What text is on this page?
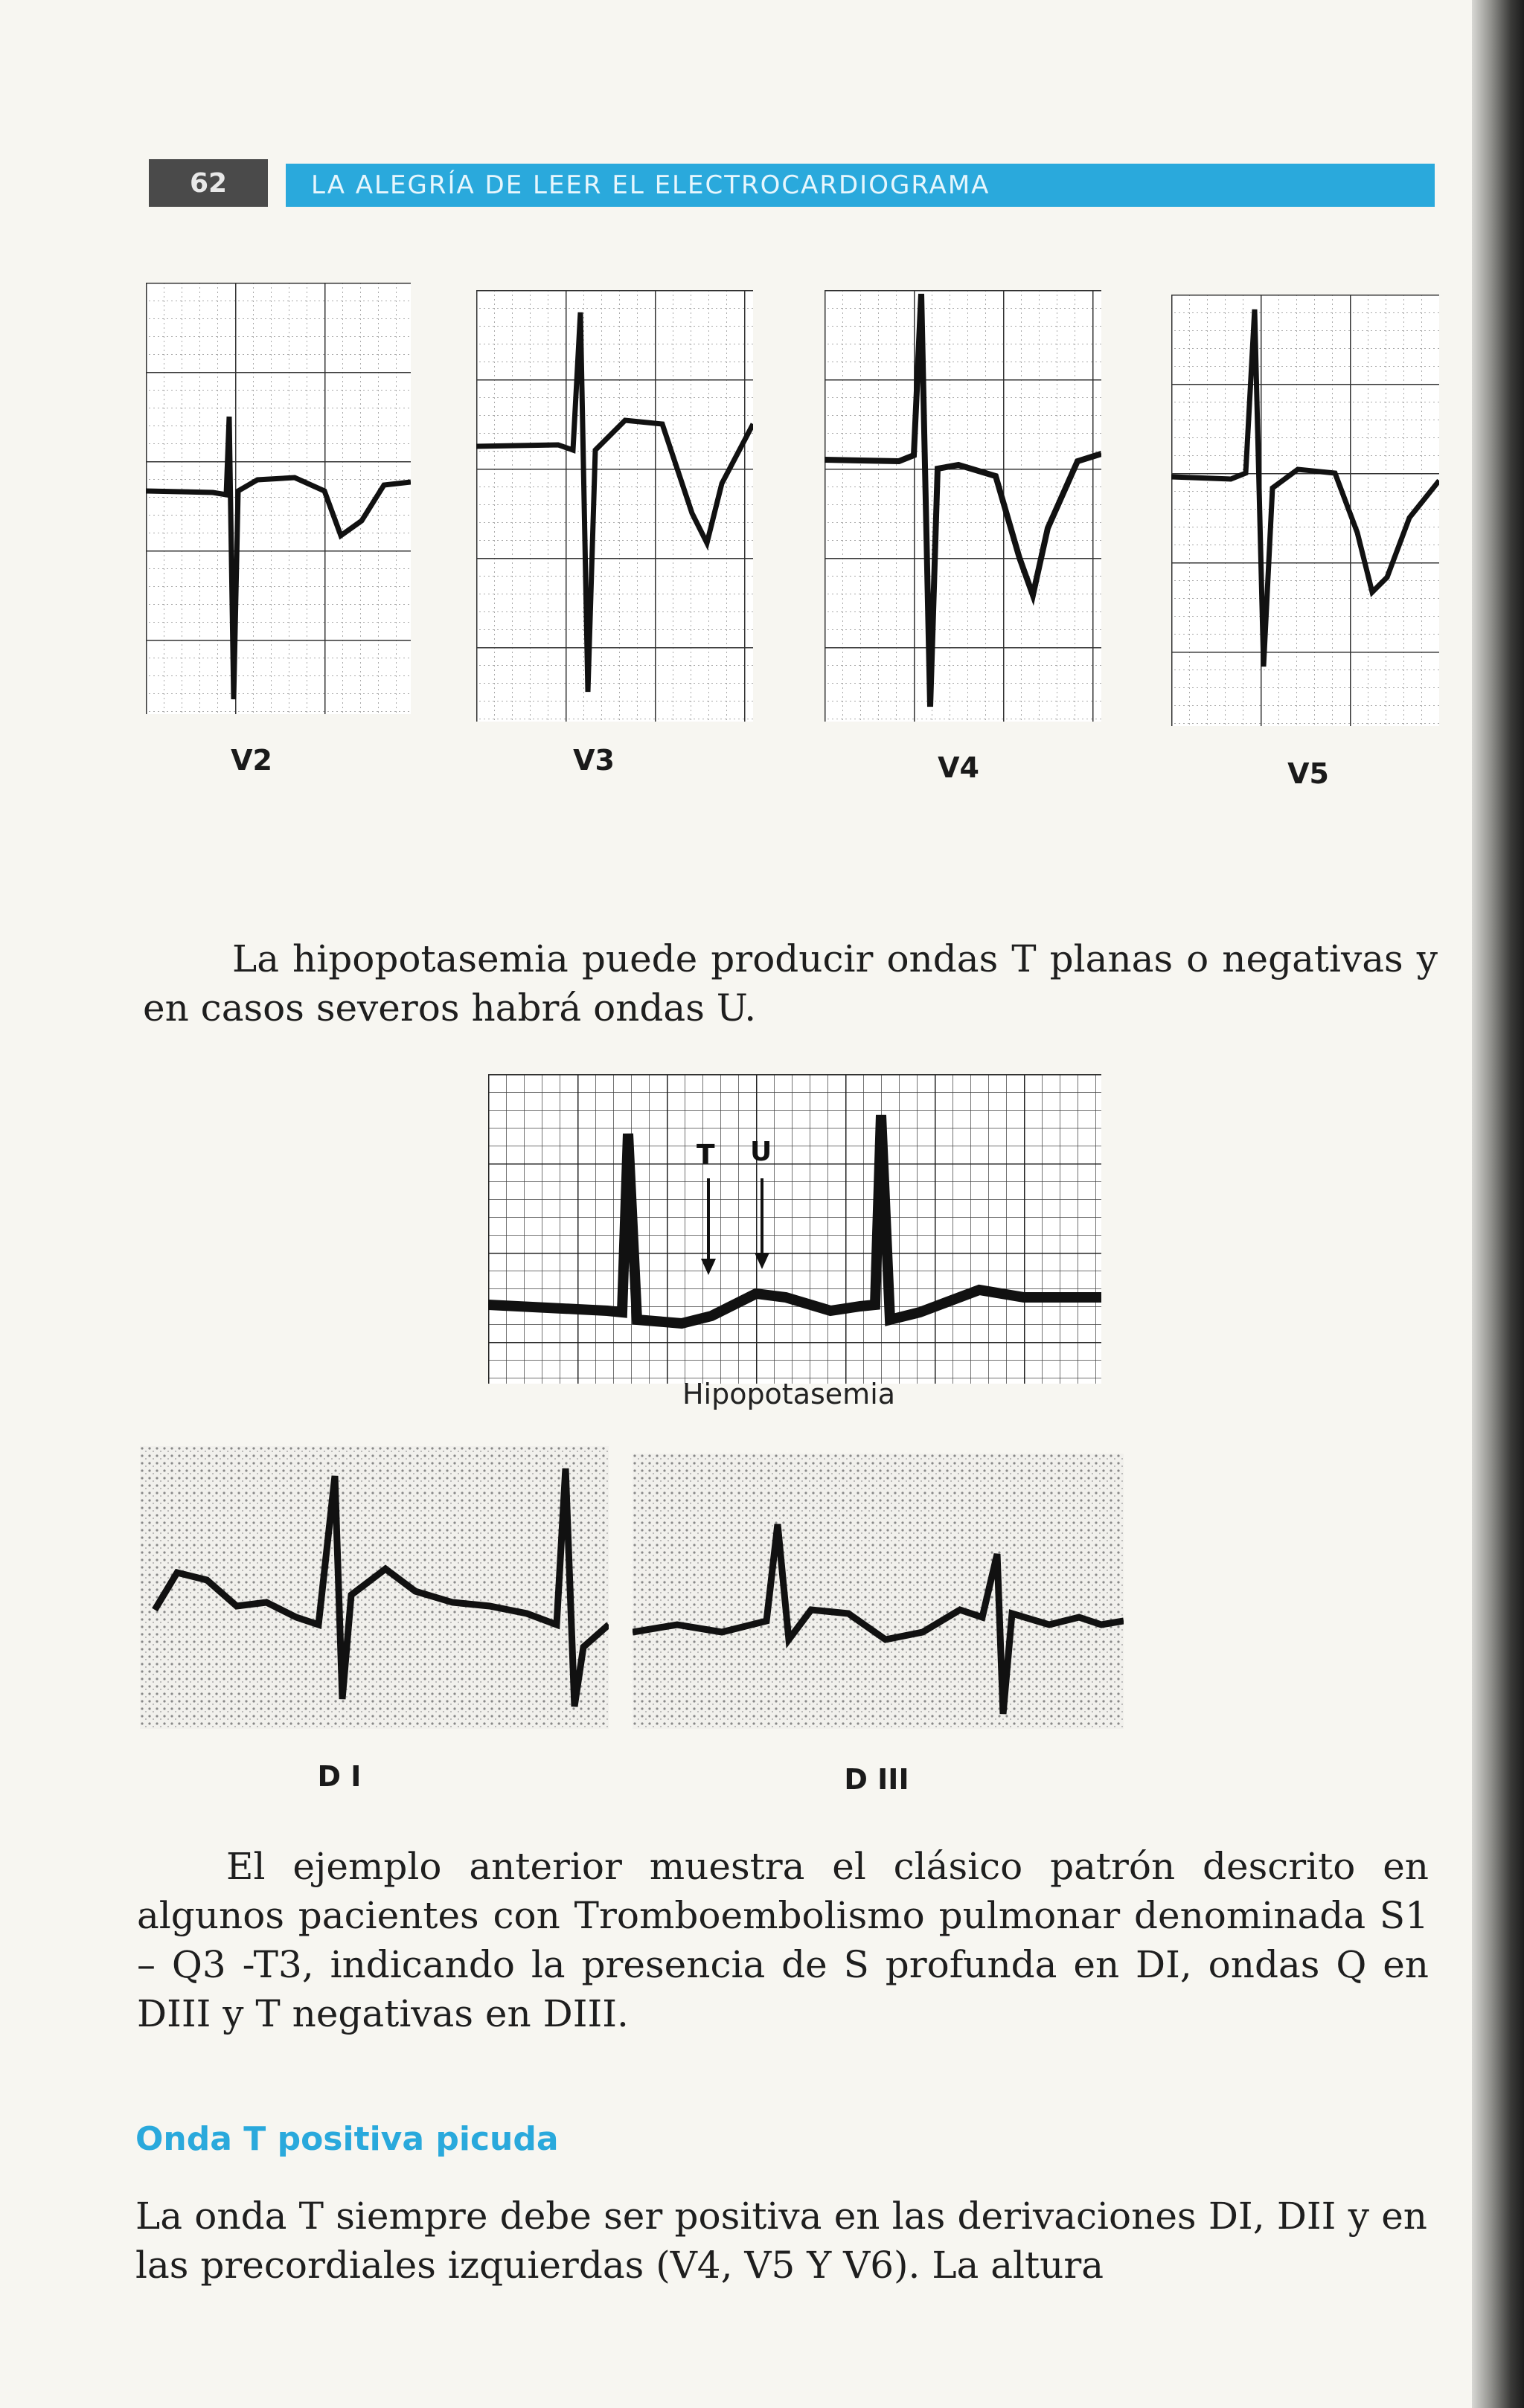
62	LA ALEGRÍA DE LEER EL ELECTROCARDIOGRAMA
V2	V3	V4	V5
La hipopotasemia puede producir ondas T planas o negativas y en casos severos habrá ondas U.
T U
Hipopotasemia
D I	D III
El ejemplo anterior muestra el clásico patrón descrito en algunos pacientes con Tromboembolismo pulmonar denominada S1 – Q3 -T3, indicando la presencia de S profunda en DI, ondas Q en DIII y T negativas en DIII.
Onda T positiva picuda
La onda T siempre debe ser positiva en las derivaciones DI, DII y en las precordiales izquierdas (V4, V5 Y V6). La altura
